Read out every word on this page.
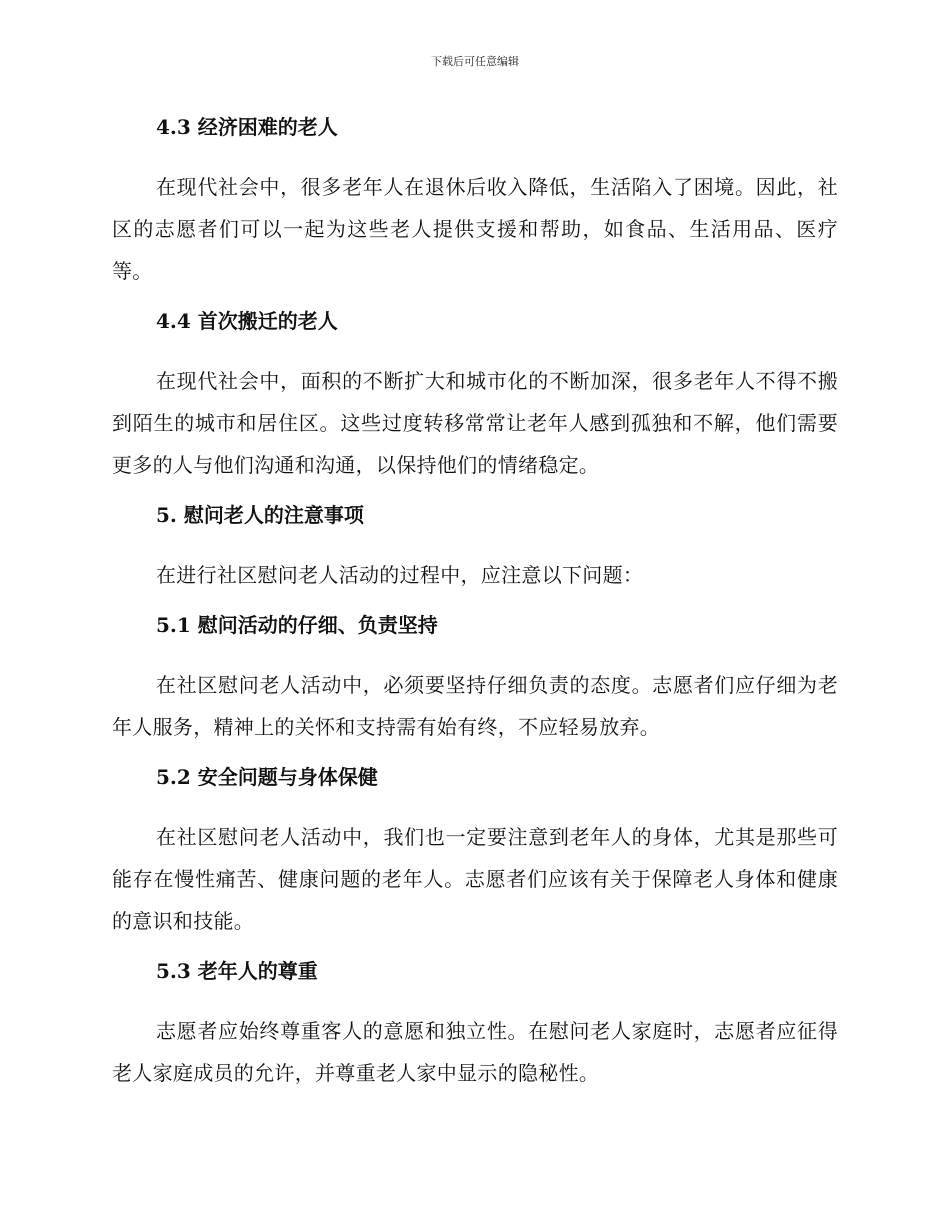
下载后可任意编辑
4.3 经济困难的老人

在现代社会中，很多老年人在退休后收入降低，生活陷入了困境。因此，社区的志愿者们可以一起为这些老人提供支援和帮助，如食品、生活用品、医疗等。

4.4 首次搬迁的老人

在现代社会中，面积的不断扩大和城市化的不断加深，很多老年人不得不搬到陌生的城市和居住区。这些过度转移常常让老年人感到孤独和不解，他们需要更多的人与他们沟通和沟通，以保持他们的情绪稳定。

5. 慰问老人的注意事项

在进行社区慰问老人活动的过程中，应注意以下问题：

5.1 慰问活动的仔细、负责坚持

在社区慰问老人活动中，必须要坚持仔细负责的态度。志愿者们应仔细为老年人服务，精神上的关怀和支持需有始有终，不应轻易放弃。

5.2 安全问题与身体保健

在社区慰问老人活动中，我们也一定要注意到老年人的身体，尤其是那些可能存在慢性痛苦、健康问题的老年人。志愿者们应该有关于保障老人身体和健康的意识和技能。

5.3 老年人的尊重

志愿者应始终尊重客人的意愿和独立性。在慰问老人家庭时，志愿者应征得老人家庭成员的允许，并尊重老人家中显示的隐秘性。
